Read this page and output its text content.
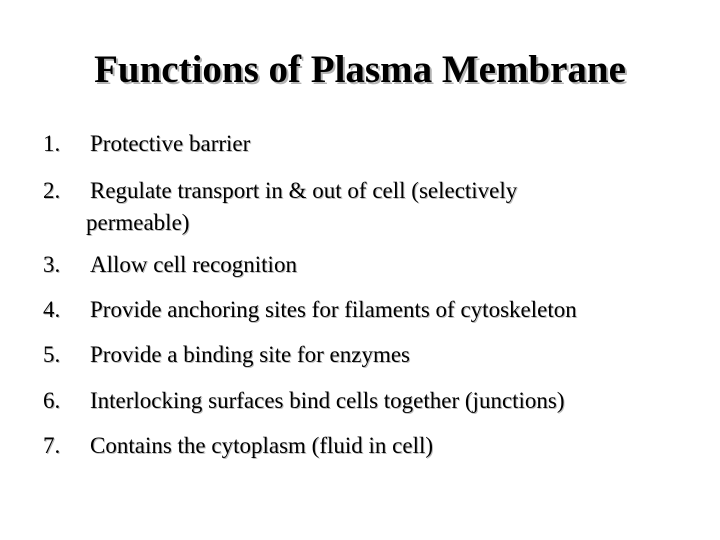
Functions of Plasma Membrane
1.	Protective barrier
2.	Regulate transport in & out of cell (selectively
permeable)
3.	Allow cell recognition
4.	Provide anchoring sites for filaments of cytoskeleton
5.	Provide a binding site for enzymes
6.	Interlocking surfaces bind cells together (junctions)
7.	Contains the cytoplasm (fluid in cell)
